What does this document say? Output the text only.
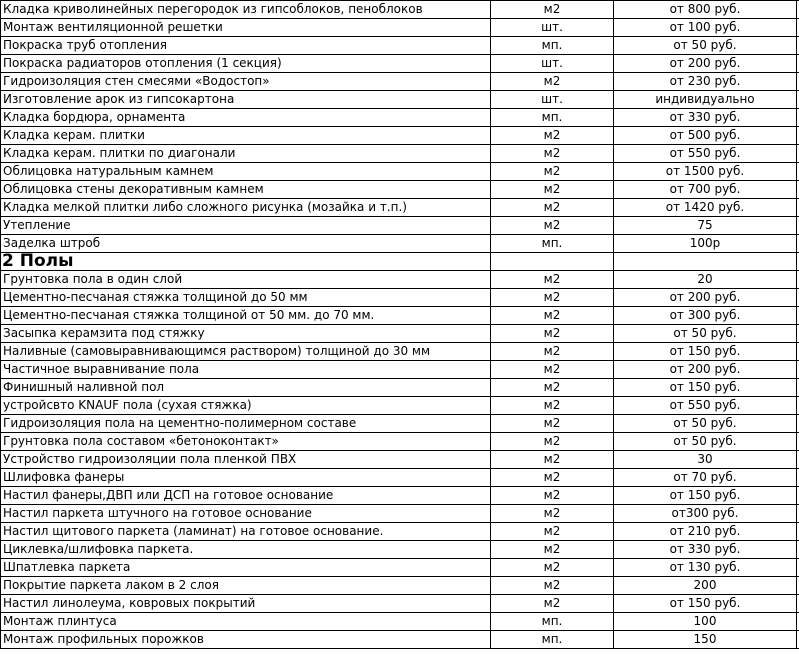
Кладка криволинейных перегородок из гипсоблоков, пеноблоков	м2	от 800 руб.	
Монтаж вентиляционной решетки	шт.	от 100 руб.	
Покраска труб отопления	мп.	от 50 руб.	
Покраска радиаторов отопления (1 секция)	шт.	от 200 руб.	
Гидроизоляция стен смесями «Водостоп»	м2	от 230 руб.	
Изготовление арок из гипсокартона	шт.	индивидуально	
Кладка бордюра, орнамента	мп.	от 330 руб.	
Кладка керам. плитки	м2	от 500 руб.	
Кладка керам. плитки по диагонали	м2	от 550 руб.	
Облицовка натуральным камнем	м2	от 1500 руб.	
Облицовка стены декоративным камнем	м2	от 700 руб.	
Кладка мелкой плитки либо сложного рисунка (мозайка и т.п.)	м2	от 1420 руб.	
Утепление	м2	75	
Заделка штроб	мп.	100р	
2 Полы			
Грунтовка пола в один слой	м2	20	
Цементно-песчаная стяжка толщиной до 50 мм	м2	от 200 руб.	
Цементно-песчаная стяжка толщиной от 50 мм. до 70 мм.	м2	от 300 руб.	
Засыпка керамзита под стяжку	м2	от 50 руб.	
Наливные (самовыравнивающимся раствором) толщиной до 30 мм	м2	от 150 руб.	
Частичное выравнивание пола	м2	от 200 руб.	
Финишный наливной пол	м2	от 150 руб.	
устройсвто KNAUF пола (сухая стяжка)	м2	от 550 руб.	
Гидроизоляция пола на цементно-полимерном составе	м2	от 50 руб.	
Грунтовка пола составом «бетоноконтакт»	м2	от 50 руб.	
Устройство гидроизоляции пола пленкой ПВХ	м2	30	
Шлифовка фанеры	м2	от 70 руб.	
Настил фанеры,ДВП или ДСП на готовое основание	м2	от 150 руб.	
Настил паркета штучного на готовое основание	м2	от300 руб.	
Настил щитового паркета (ламинат) на готовое основание.	м2	от 210 руб.	
Циклевка/шлифовка паркета.	м2	от 330 руб.	
Шпатлевка паркета	м2	от 130 руб.	
Покрытие паркета лаком в 2 слоя	м2	200	
Настил линолеума, ковровых покрытий	м2	от 150 руб.	
Монтаж плинтуса	мп.	100	
Монтаж профильных порожков	мп.	150	
